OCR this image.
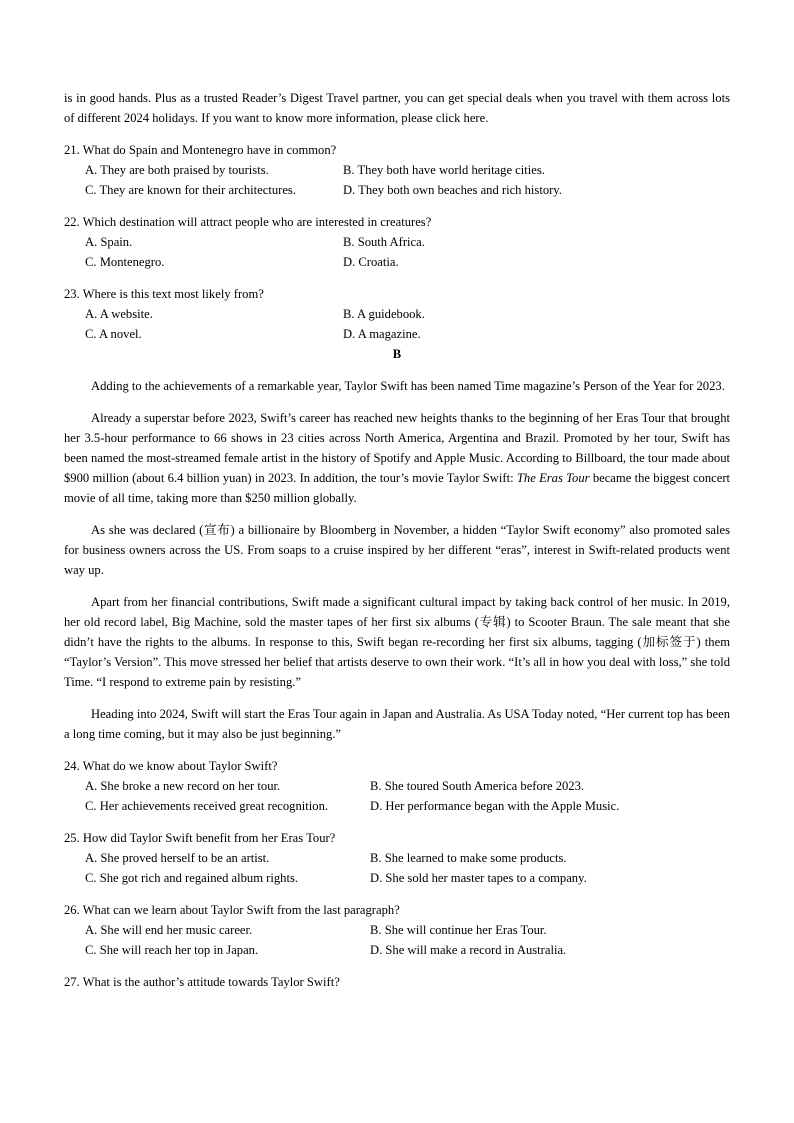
is in good hands. Plus as a trusted Reader’s Digest Travel partner, you can get special deals when you travel with them across lots of different 2024 holidays. If you want to know more information, please click here.

21. What do Spain and Montenegro have in common?
A. They are both praised by tourists.	B. They both have world heritage cities.
C. They are known for their architectures.	D. They both own beaches and rich history.
22. Which destination will attract people who are interested in creatures?
A. Spain.	B. South Africa.
C. Montenegro.	D. Croatia.
23. Where is this text most likely from?
A. A website.	B. A guidebook.
C. A novel.	D. A magazine.
B

Adding to the achievements of a remarkable year, Taylor Swift has been named Time magazine’s Person of the Year for 2023.

Already a superstar before 2023, Swift’s career has reached new heights thanks to the beginning of her Eras Tour that brought her 3.5-hour performance to 66 shows in 23 cities across North America, Argentina and Brazil. Promoted by her tour, Swift has been named the most-streamed female artist in the history of Spotify and Apple Music. According to Billboard, the tour made about $900 million (about 6.4 billion yuan) in 2023. In addition, the tour’s movie Taylor Swift: The Eras Tour became the biggest concert movie of all time, taking more than $250 million globally.

As she was declared (宣布) a billionaire by Bloomberg in November, a hidden “Taylor Swift economy” also promoted sales for business owners across the US. From soaps to a cruise inspired by her different “eras”, interest in Swift-related products went way up.

Apart from her financial contributions, Swift made a significant cultural impact by taking back control of her music. In 2019, her old record label, Big Machine, sold the master tapes of her first six albums (专辑) to Scooter Braun. The sale meant that she didn’t have the rights to the albums. In response to this, Swift began re-recording her first six albums, tagging (加标签于) them “Taylor’s Version”. This move stressed her belief that artists deserve to own their work. “It’s all in how you deal with loss,” she told Time. “I respond to extreme pain by resisting.”

Heading into 2024, Swift will start the Eras Tour again in Japan and Australia. As USA Today noted, “Her current top has been a long time coming, but it may also be just beginning.”

24. What do we know about Taylor Swift?
A. She broke a new record on her tour.	B. She toured South America before 2023.
C. Her achievements received great recognition.	D. Her performance began with the Apple Music.
25. How did Taylor Swift benefit from her Eras Tour?
A. She proved herself to be an artist.	B. She learned to make some products.
C. She got rich and regained album rights.	D. She sold her master tapes to a company.
26. What can we learn about Taylor Swift from the last paragraph?
A. She will end her music career.	B. She will continue her Eras Tour.
C. She will reach her top in Japan.	D. She will make a record in Australia.
27. What is the author’s attitude towards Taylor Swift?
